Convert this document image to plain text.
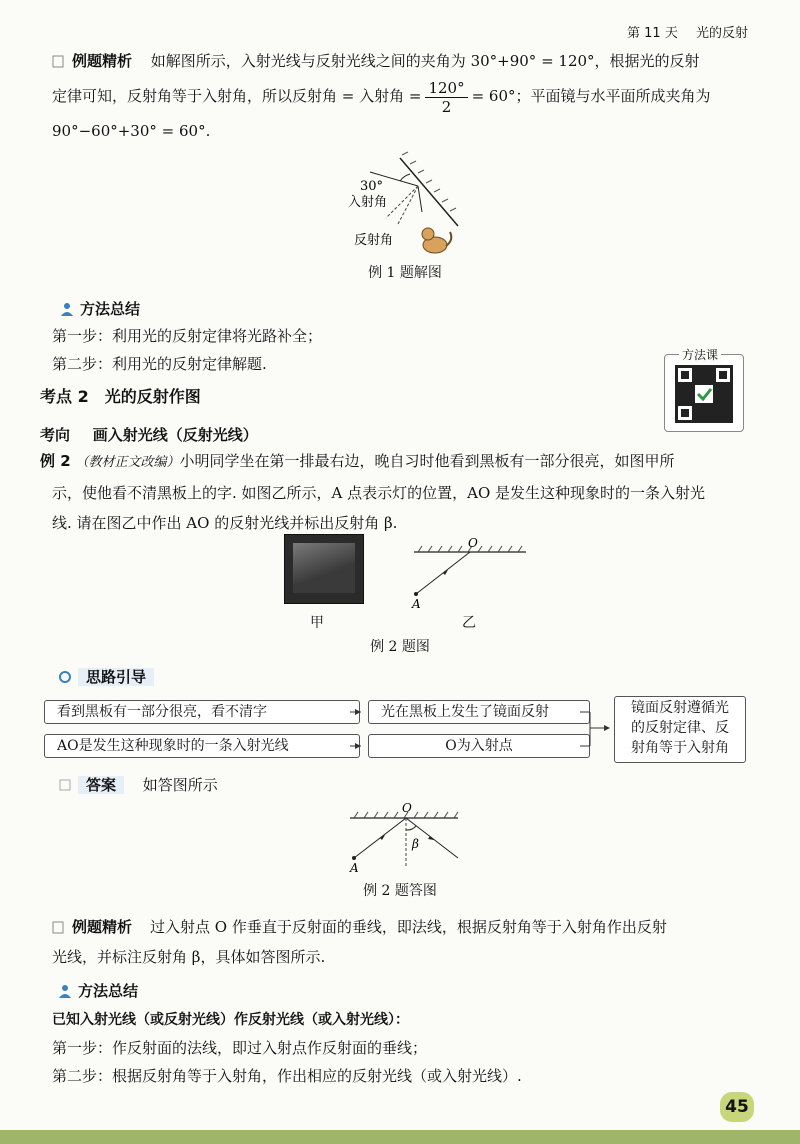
第 11 天 光的反射
例题精析 如解图所示，入射光线与反射光线之间的夹角为 30°+90° = 120°，根据光的反射
定律可知，反射角等于入射角，所以反射角 = 入射角 = $\frac{120^\circ}{2} = 60^\circ$；平面镜与水平面所成夹角为
90°−60°+30° = 60°.
30°
入射角
反射角
例 1 题解图
方法总结
第一步：利用光的反射定律将光路补全；
第二步：利用光的反射定律解题.	方法课
考点 2　光的反射作图
考向 画入射光线（反射光线）
例 2 （教材正文改编）小明同学坐在第一排最右边，晚自习时他看到黑板有一部分很亮，如图甲所
示，使他看不清黑板上的字. 如图乙所示，A 点表示灯的位置，AO 是发生这种现象时的一条入射光
线. 请在图乙中作出 AO 的反射光线并标出反射角 β.
甲
O
A
乙
例 2 题图
思路引导
看到黑板有一部分很亮，看不清字	光在黑板上发生了镜面反射
AO是发生这种现象时的一条入射光线	O为入射点
镜面反射遵循光
的反射定律、反
射角等于入射角
答案 如答图所示
O
A
β
例 2 题答图
例题精析 过入射点 O 作垂直于反射面的垂线，即法线，根据反射角等于入射角作出反射
光线，并标注反射角 β，具体如答图所示.
方法总结
已知入射光线（或反射光线）作反射光线（或入射光线）：
第一步：作反射面的法线，即过入射点作反射面的垂线；
第二步：根据反射角等于入射角，作出相应的反射光线（或入射光线）.
45
